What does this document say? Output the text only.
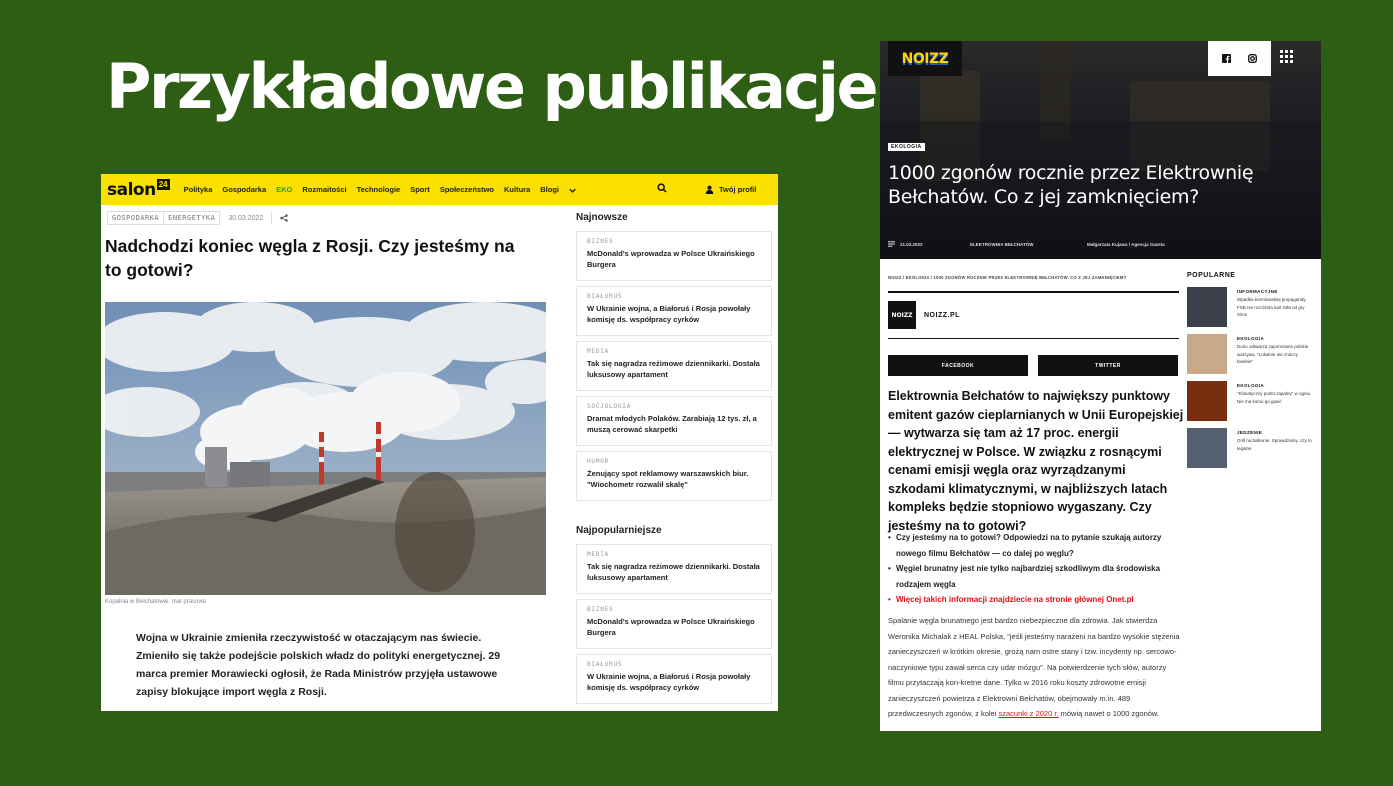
Przykładowe publikacje
salon 24
Polityka Gospodarka EKO Rozmaitości Technologie Sport Społeczeństwo Kultura Blogi	Twój profil
GOSPODARKA	ENERGETYKA	30.03.2022
Nadchodzi koniec węgla z Rosji. Czy jesteśmy na to gotowi?
Kopalnia w Bełchatowie. mat prasowe

Wojna w Ukrainie zmieniła rzeczywistość w otaczającym nas świecie. Zmieniło się także podejście polskich władz do polityki energetycznej. 29 marca premier Morawiecki ogłosił, że Rada Ministrów przyjęła ustawowe zapisy blokujące import węgla z Rosji.

Najnowsze
BIZNES
McDonald's wprowadza w Polsce Ukraińskiego Burgera
BIAŁORUŚ
W Ukrainie wojna, a Białoruś i Rosja powołały komisję ds. współpracy cyrków
MEDIA
Tak się nagradza reżimowe dziennikarki. Dostała luksusowy apartament
SOCJOLOGIA
Dramat młodych Polaków. Zarabiają 12 tys. zł, a muszą cerować skarpetki
HUMOR
Żenujący spot reklamowy warszawskich biur. "Wiochometr rozwalił skalę"
Najpopularniejsze
MEDIA
Tak się nagradza reżimowe dziennikarki. Dostała luksusowy apartament
BIZNES
McDonald's wprowadza w Polsce Ukraińskiego Burgera
BIAŁORUŚ
W Ukrainie wojna, a Białoruś i Rosja powołały komisję ds. współpracy cyrków
NOIZZ
EKOLOGIA
1000 zgonów rocznie przez Elektrownię Bełchatów. Co z jej zamknięciem?
21.03.2022	ELEKTROWNIA BEŁCHATÓW	Małgorzata Kujawa / Agencja Gazeta
NOIZZ / EKOLOGIA / 1000 ZGONÓW ROCZNIE PRZEZ ELEKTROWNIĘ BEŁCHATÓW. CO Z JEJ ZAMKNIĘCIEM?
NOIZZ	NOIZZ.PL
FACEBOOK	TWITTER

Elektrownia Bełchatów to największy punktowy emitent gazów cieplarnianych w Unii Europejskiej — wytwarza się tam aż 17 proc. energii elektrycznej w Polsce. W związku z rosnącymi cenami emisji węgla oraz wyrządzanymi szkodami klimatycznymi, w najbliższych latach kompleks będzie stopniowo wygaszany. Czy jesteśmy na to gotowi?

• Czy jesteśmy na to gotowi? Odpowiedzi na to pytanie szukają autorzy nowego filmu Bełchatów — co dalej po węglu?
• Węgiel brunatny jest nie tylko najbardziej szkodliwym dla środowiska rodzajem węgla
• Więcej takich informacji znajdziecie na stronie głównej Onet.pl

Spalanie węgla brunatnego jest bardzo niebezpieczne dla zdrowia. Jak stwierdza Weronika Michalak z HEAL Polska, "jeśli jesteśmy narażeni na bardzo wysokie stężenia zanieczyszczeń w krótkim okresie, grożą nam ostre stany i tzw. incydenty np. sercowo-naczyniowe typu zawał serca czy udar mózgu". Na potwierdzenie tych słów, autorzy filmu przytaczają kon-kretne dane. Tylko w 2016 roku koszty zdrowotne emisji zanieczyszczeń powietrza z Elektrowni Bełchatów, obejmowały m.in. 489 przedwczesnych zgonów, z kolei szacunki z 2020 r. mówią nawet o 1000 zgonów.

POPULARNE
INFORMACYJNE
Wpadka kremlowskiej propagandy. FSB nie rozróżnia kart SIM od gry Sims
EKOLOGIA
Dorio odtwarza zapomniane polskie warzywa. "Lokalnie nie znaczy biednie"
EKOLOGIA
"Klimatyczny punkt zapalny" w ogniu. Nie ma komu go gasić
JEDZENIE
Grill na balkonie. Sprawdzamy, czy to legalne
